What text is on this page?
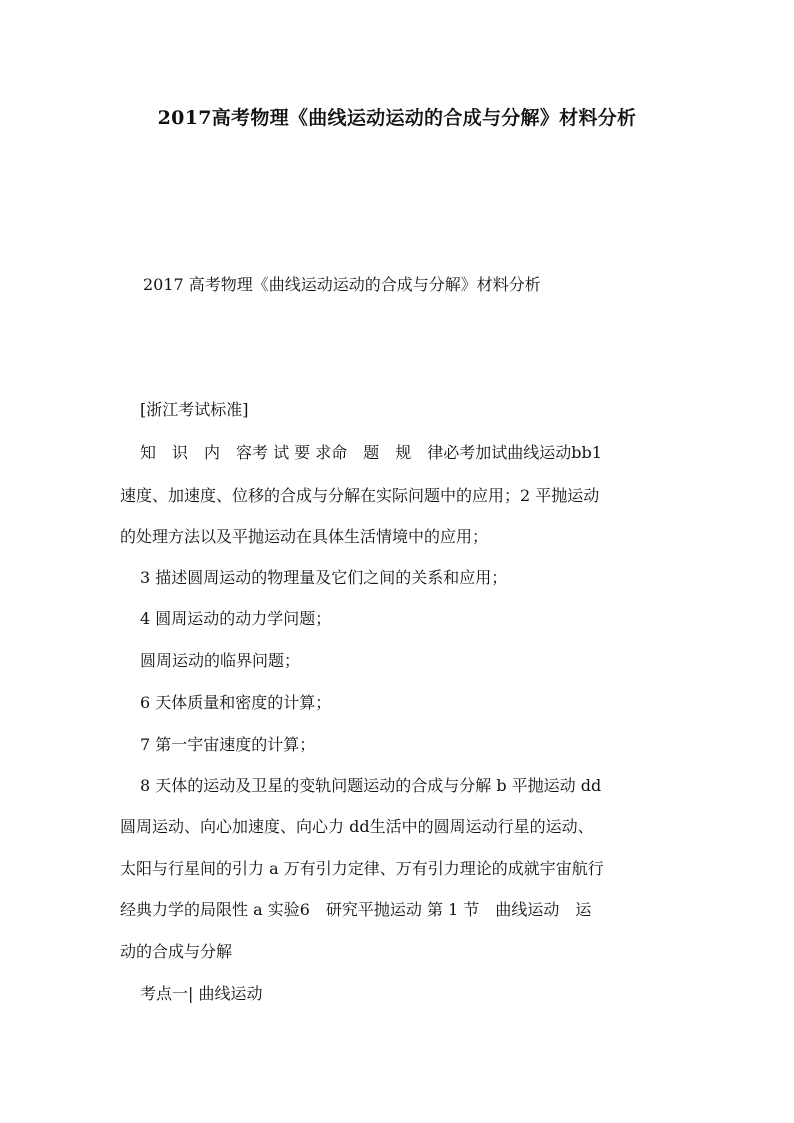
2017高考物理《曲线运动运动的合成与分解》材料分析

2017 高考物理《曲线运动运动的合成与分解》材料分析

[浙江考试标准]

知　识　内　容考 试 要 求命　题　规　律必考加试曲线运动bb1

速度、加速度、位移的合成与分解在实际问题中的应用；2 平抛运动

的处理方法以及平抛运动在具体生活情境中的应用；

3 描述圆周运动的物理量及它们之间的关系和应用；

4 圆周运动的动力学问题；

圆周运动的临界问题；

6 天体质量和密度的计算；

7 第一宇宙速度的计算；

8 天体的运动及卫星的变轨问题运动的合成与分解 b 平抛运动 dd

圆周运动、向心加速度、向心力 dd生活中的圆周运动行星的运动、

太阳与行星间的引力 a 万有引力定律、万有引力理论的成就宇宙航行

经典力学的局限性 a 实验6　研究平抛运动 第 1 节　曲线运动　运

动的合成与分解

考点一| 曲线运动
